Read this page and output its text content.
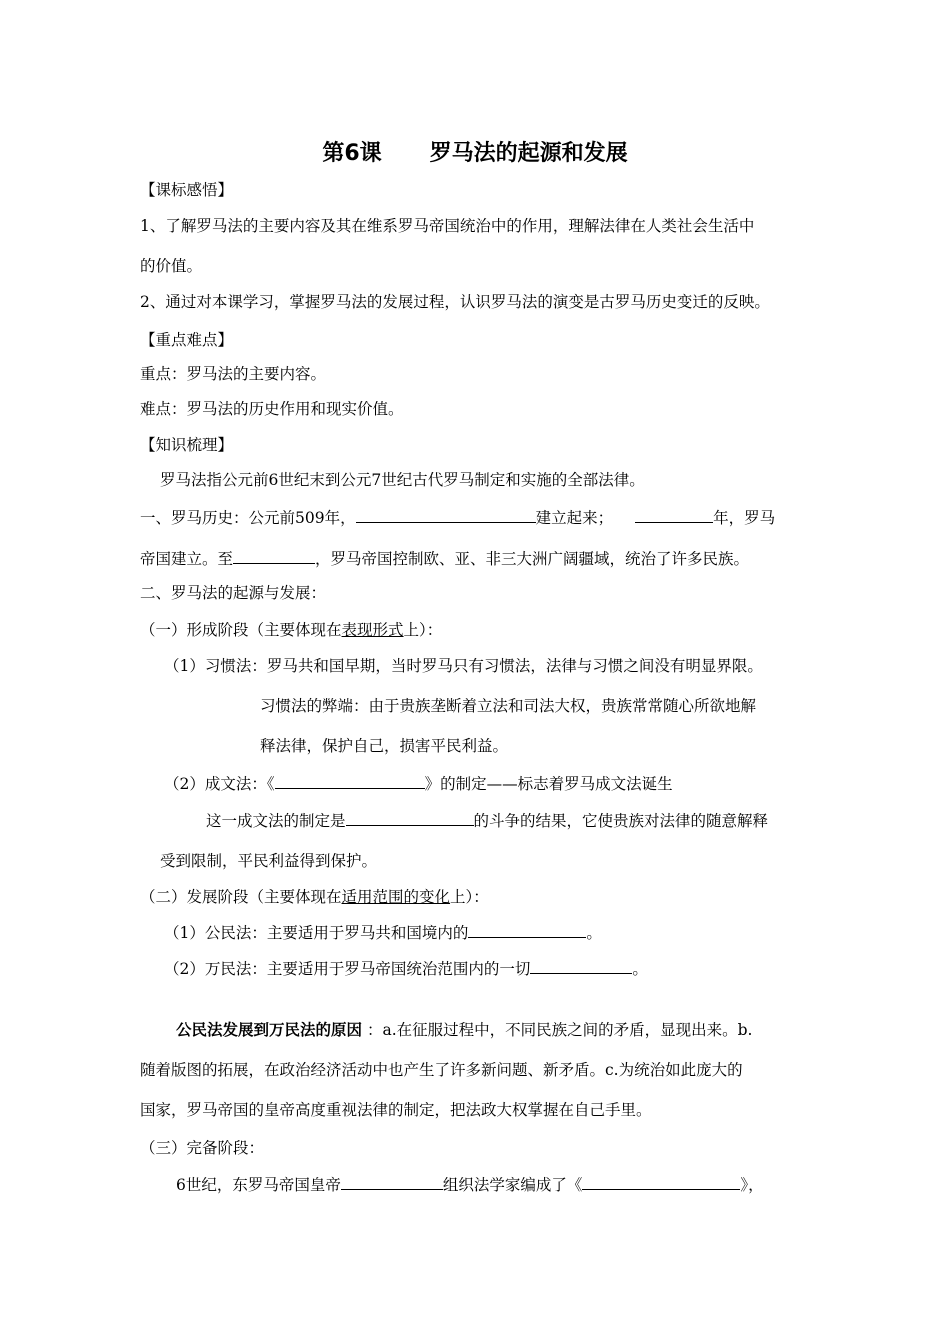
第6课 罗马法的起源和发展
【课标感悟】
1、了解罗马法的主要内容及其在维系罗马帝国统治中的作用，理解法律在人类社会生活中
的价值。
2、通过对本课学习，掌握罗马法的发展过程，认识罗马法的演变是古罗马历史变迁的反映。
【重点难点】
重点：罗马法的主要内容。
难点：罗马法的历史作用和现实价值。
【知识梳理】
罗马法指公元前6世纪末到公元7世纪古代罗马制定和实施的全部法律。
一、罗马历史：公元前509年，	建立起来；	年，罗马
帝国建立。至	，罗马帝国控制欧、亚、非三大洲广阔疆域，统治了许多民族。
二、罗马法的起源与发展：
（一）形成阶段（主要体现在表现形式上）：
（1）习惯法：罗马共和国早期，当时罗马只有习惯法，法律与习惯之间没有明显界限。
习惯法的弊端：由于贵族垄断着立法和司法大权，贵族常常随心所欲地解
释法律，保护自己，损害平民利益。
（2）成文法：《	》的制定——标志着罗马成文法诞生
这一成文法的制定是	的斗争的结果，它使贵族对法律的随意解释
受到限制，平民利益得到保护。
（二）发展阶段（主要体现在适用范围的变化上）：
（1）公民法：主要适用于罗马共和国境内的	。
（2）万民法：主要适用于罗马帝国统治范围内的一切	。
公民法发展到万民法的原因 ：a.在征服过程中，不同民族之间的矛盾，显现出来。b.
随着版图的拓展，在政治经济活动中也产生了许多新问题、新矛盾。c.为统治如此庞大的
国家，罗马帝国的皇帝高度重视法律的制定，把法政大权掌握在自己手里。
（三）完备阶段：
6世纪，东罗马帝国皇帝	组织法学家编成了《	》，
